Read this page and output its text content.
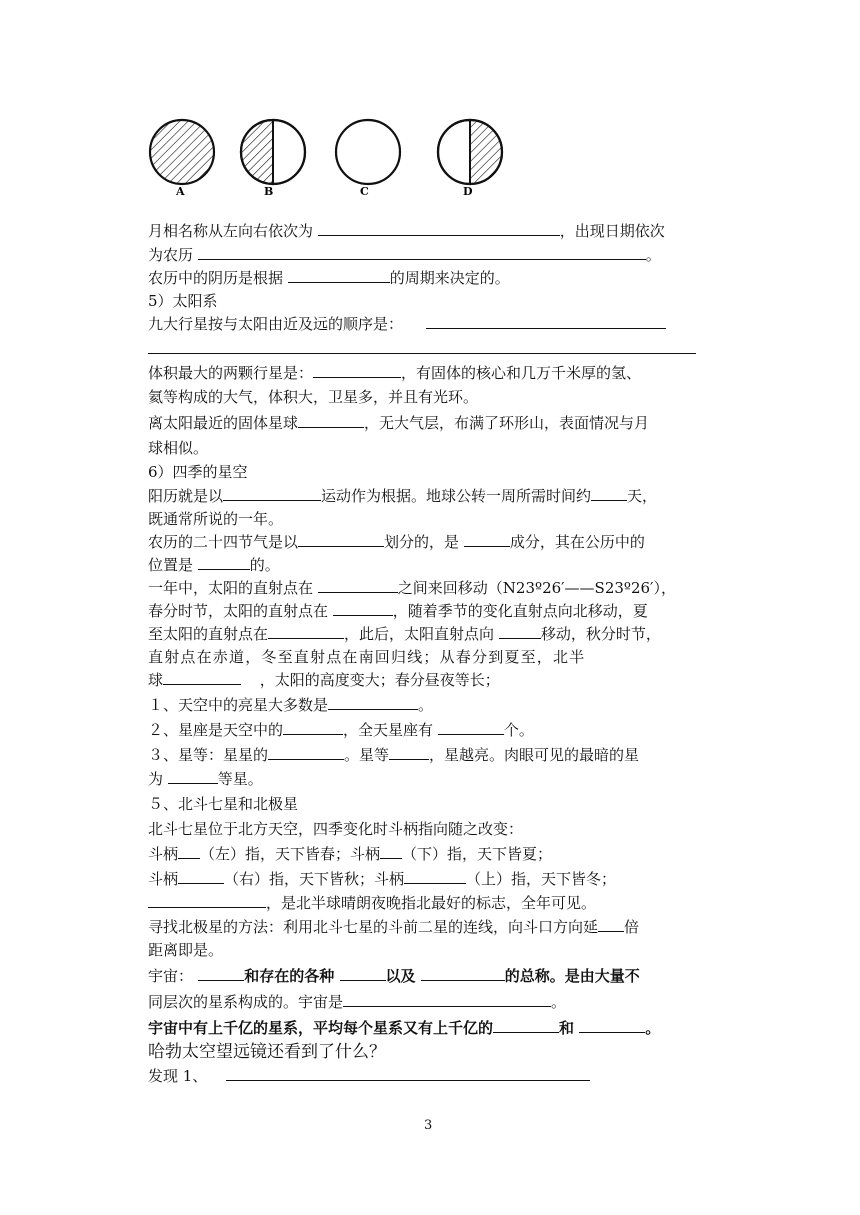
A	B	C	D
月相名称从左向右依次为	，出现日期依次
为农历	。
农历中的阴历是根据	的周期来决定的。
5）太阳系
九大行星按与太阳由近及远的顺序是：
体积最大的两颗行星是：	，有固体的核心和几万千米厚的氢、
氦等构成的大气，体积大，卫星多，并且有光环。
离太阳最近的固体星球	，无大气层，布满了环形山，表面情况与月
球相似。
6）四季的星空
阳历就是以	运动作为根据。地球公转一周所需时间约 天，
既通常所说的一年。
农历的二十四节气是以	划分的，是	成分，其在公历中的
位置是	的。
一年中，太阳的直射点在	之间来回移动（N23º26′——S23º26′），
春分时节，太阳的直射点在	，随着季节的变化直射点向北移动，夏
至太阳的直射点在	，此后，太阳直射点向	移动，秋分时节，
直射点在赤道，冬至直射点在南回归线；从春分到夏至，北半
球	，太阳的高度变大；春分昼夜等长；
１、天空中的亮星大多数是	。
２、星座是天空中的	，全天星座有	个。
３、星等：星星的	。星等	，星越亮。肉眼可见的最暗的星
为	等星。
５、北斗七星和北极星
北斗七星位于北方天空，四季变化时斗柄指向随之改变：
斗柄 （左）指，天下皆春；斗柄 （下）指，天下皆夏；
斗柄	（右）指，天下皆秋；斗柄	（上）指，天下皆冬；
，是北半球晴朗夜晚指北最好的标志，全年可见。
寻找北极星的方法：利用北斗七星的斗前二星的连线，向斗口方向延 倍
距离即是。
宇宙：	和存在的各种	以及	的总称。是由大量不
同层次的星系构成的。宇宙是	。
宇宙中有上千亿的星系，平均每个星系又有上千亿的	和	。
哈勃太空望远镜还看到了什么？
发现 1、
3
